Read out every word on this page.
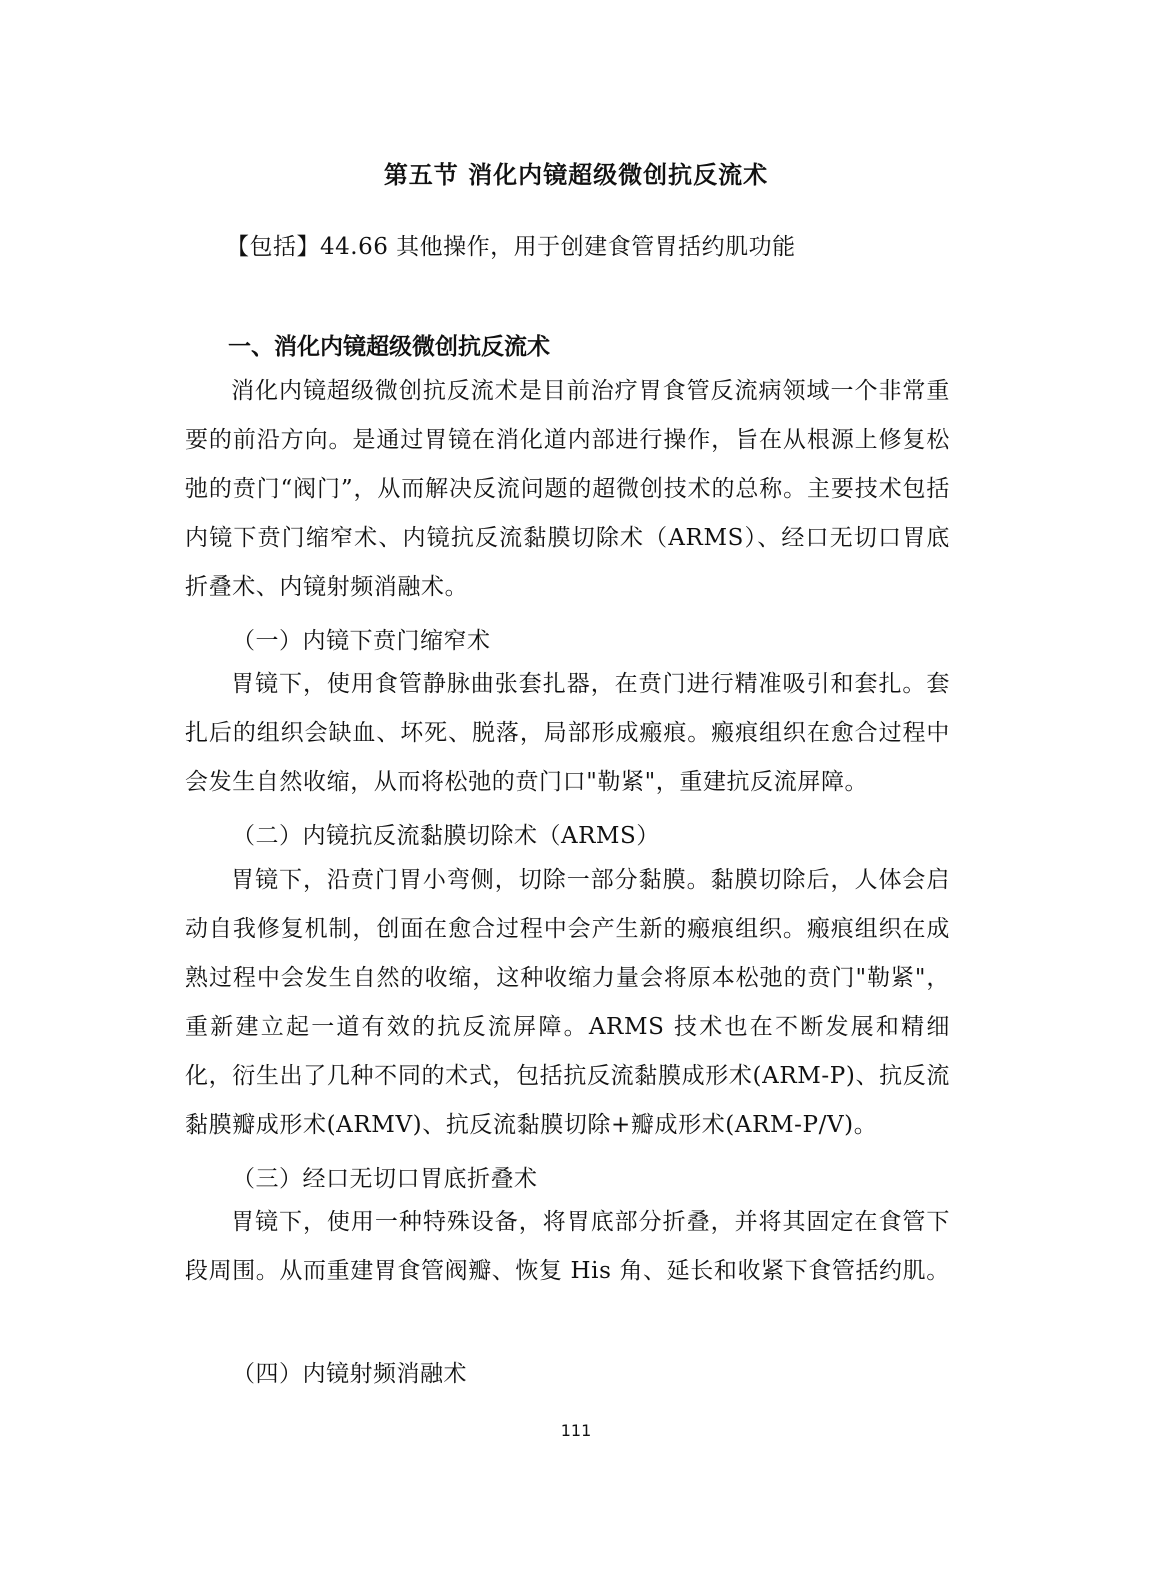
第五节 消化内镜超级微创抗反流术
【包括】44.66 其他操作，用于创建食管胃括约肌功能
一、消化内镜超级微创抗反流术
消化内镜超级微创抗反流术是目前治疗胃食管反流病领域一个非常重要的前沿方向。是通过胃镜在消化道内部进行操作，旨在从根源上修复松弛的贲门“阀门”，从而解决反流问题的超微创技术的总称。主要技术包括内镜下贲门缩窄术、内镜抗反流黏膜切除术（ARMS）、经口无切口胃底折叠术、内镜射频消融术。
（一）内镜下贲门缩窄术
胃镜下，使用食管静脉曲张套扎器，在贲门进行精准吸引和套扎。套扎后的组织会缺血、坏死、脱落，局部形成瘢痕。瘢痕组织在愈合过程中会发生自然收缩，从而将松弛的贲门口"勒紧"，重建抗反流屏障。
（二）内镜抗反流黏膜切除术（ARMS）
胃镜下，沿贲门胃小弯侧，切除一部分黏膜。黏膜切除后，人体会启动自我修复机制，创面在愈合过程中会产生新的瘢痕组织。瘢痕组织在成熟过程中会发生自然的收缩，这种收缩力量会将原本松弛的贲门"勒紧"，重新建立起一道有效的抗反流屏障。ARMS 技术也在不断发展和精细化，衍生出了几种不同的术式，包括抗反流黏膜成形术(ARM-P)、抗反流黏膜瓣成形术(ARMV)、抗反流黏膜切除+瓣成形术(ARM-P/V)。
（三）经口无切口胃底折叠术
胃镜下，使用一种特殊设备，将胃底部分折叠，并将其固定在食管下段周围。从而重建胃食管阀瓣、恢复 His 角、延长和收紧下食管括约肌。
（四）内镜射频消融术
111
